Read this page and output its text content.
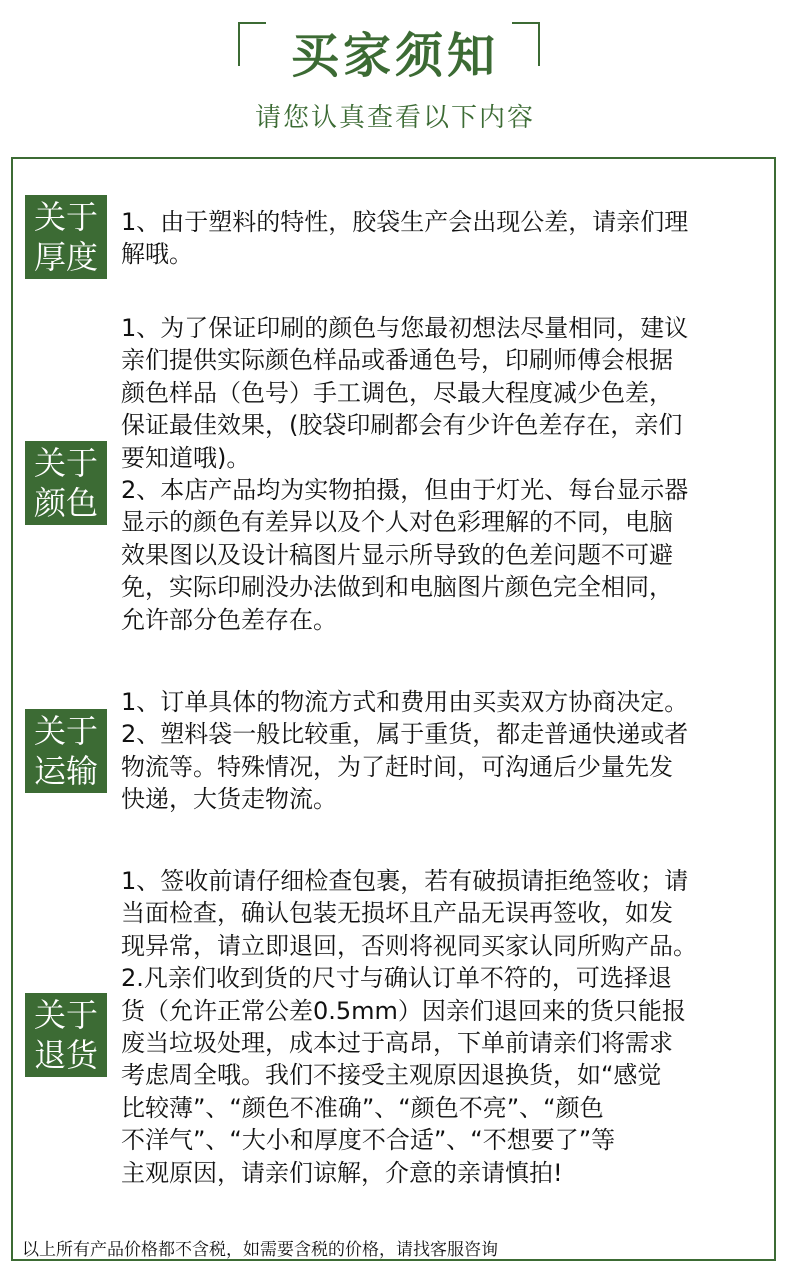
买家须知
请您认真查看以下内容
关于
厚度

1、由于塑料的特性，胶袋生产会出现公差，请亲们理

解哦。

关于
颜色

1、为了保证印刷的颜色与您最初想法尽量相同，建议

亲们提供实际颜色样品或番通色号，印刷师傅会根据

颜色样品（色号）手工调色，尽最大程度减少色差，

保证最佳效果，(胶袋印刷都会有少许色差存在，亲们

要知道哦)。

2、本店产品均为实物拍摄，但由于灯光、每台显示器

显示的颜色有差异以及个人对色彩理解的不同，电脑

效果图以及设计稿图片显示所导致的色差问题不可避

免，实际印刷没办法做到和电脑图片颜色完全相同，

允许部分色差存在。

关于
运输

1、订单具体的物流方式和费用由买卖双方协商决定。

2、塑料袋一般比较重，属于重货，都走普通快递或者

物流等。特殊情况，为了赶时间，可沟通后少量先发

快递，大货走物流。

关于
退货

1、签收前请仔细检查包裹，若有破损请拒绝签收；请

当面检查，确认包装无损坏且产品无误再签收，如发

现异常，请立即退回，否则将视同买家认同所购产品。

2.凡亲们收到货的尺寸与确认订单不符的，可选择退

货（允许正常公差0.5mm）因亲们退回来的货只能报

废当垃圾处理，成本过于高昂，下单前请亲们将需求

考虑周全哦。我们不接受主观原因退换货，如“感觉

比较薄”、“颜色不准确”、“颜色不亮”、“颜色

不洋气”、“大小和厚度不合适”、“不想要了”等

主观原因，请亲们谅解，介意的亲请慎拍!

以上所有产品价格都不含税，如需要含税的价格，请找客服咨询
